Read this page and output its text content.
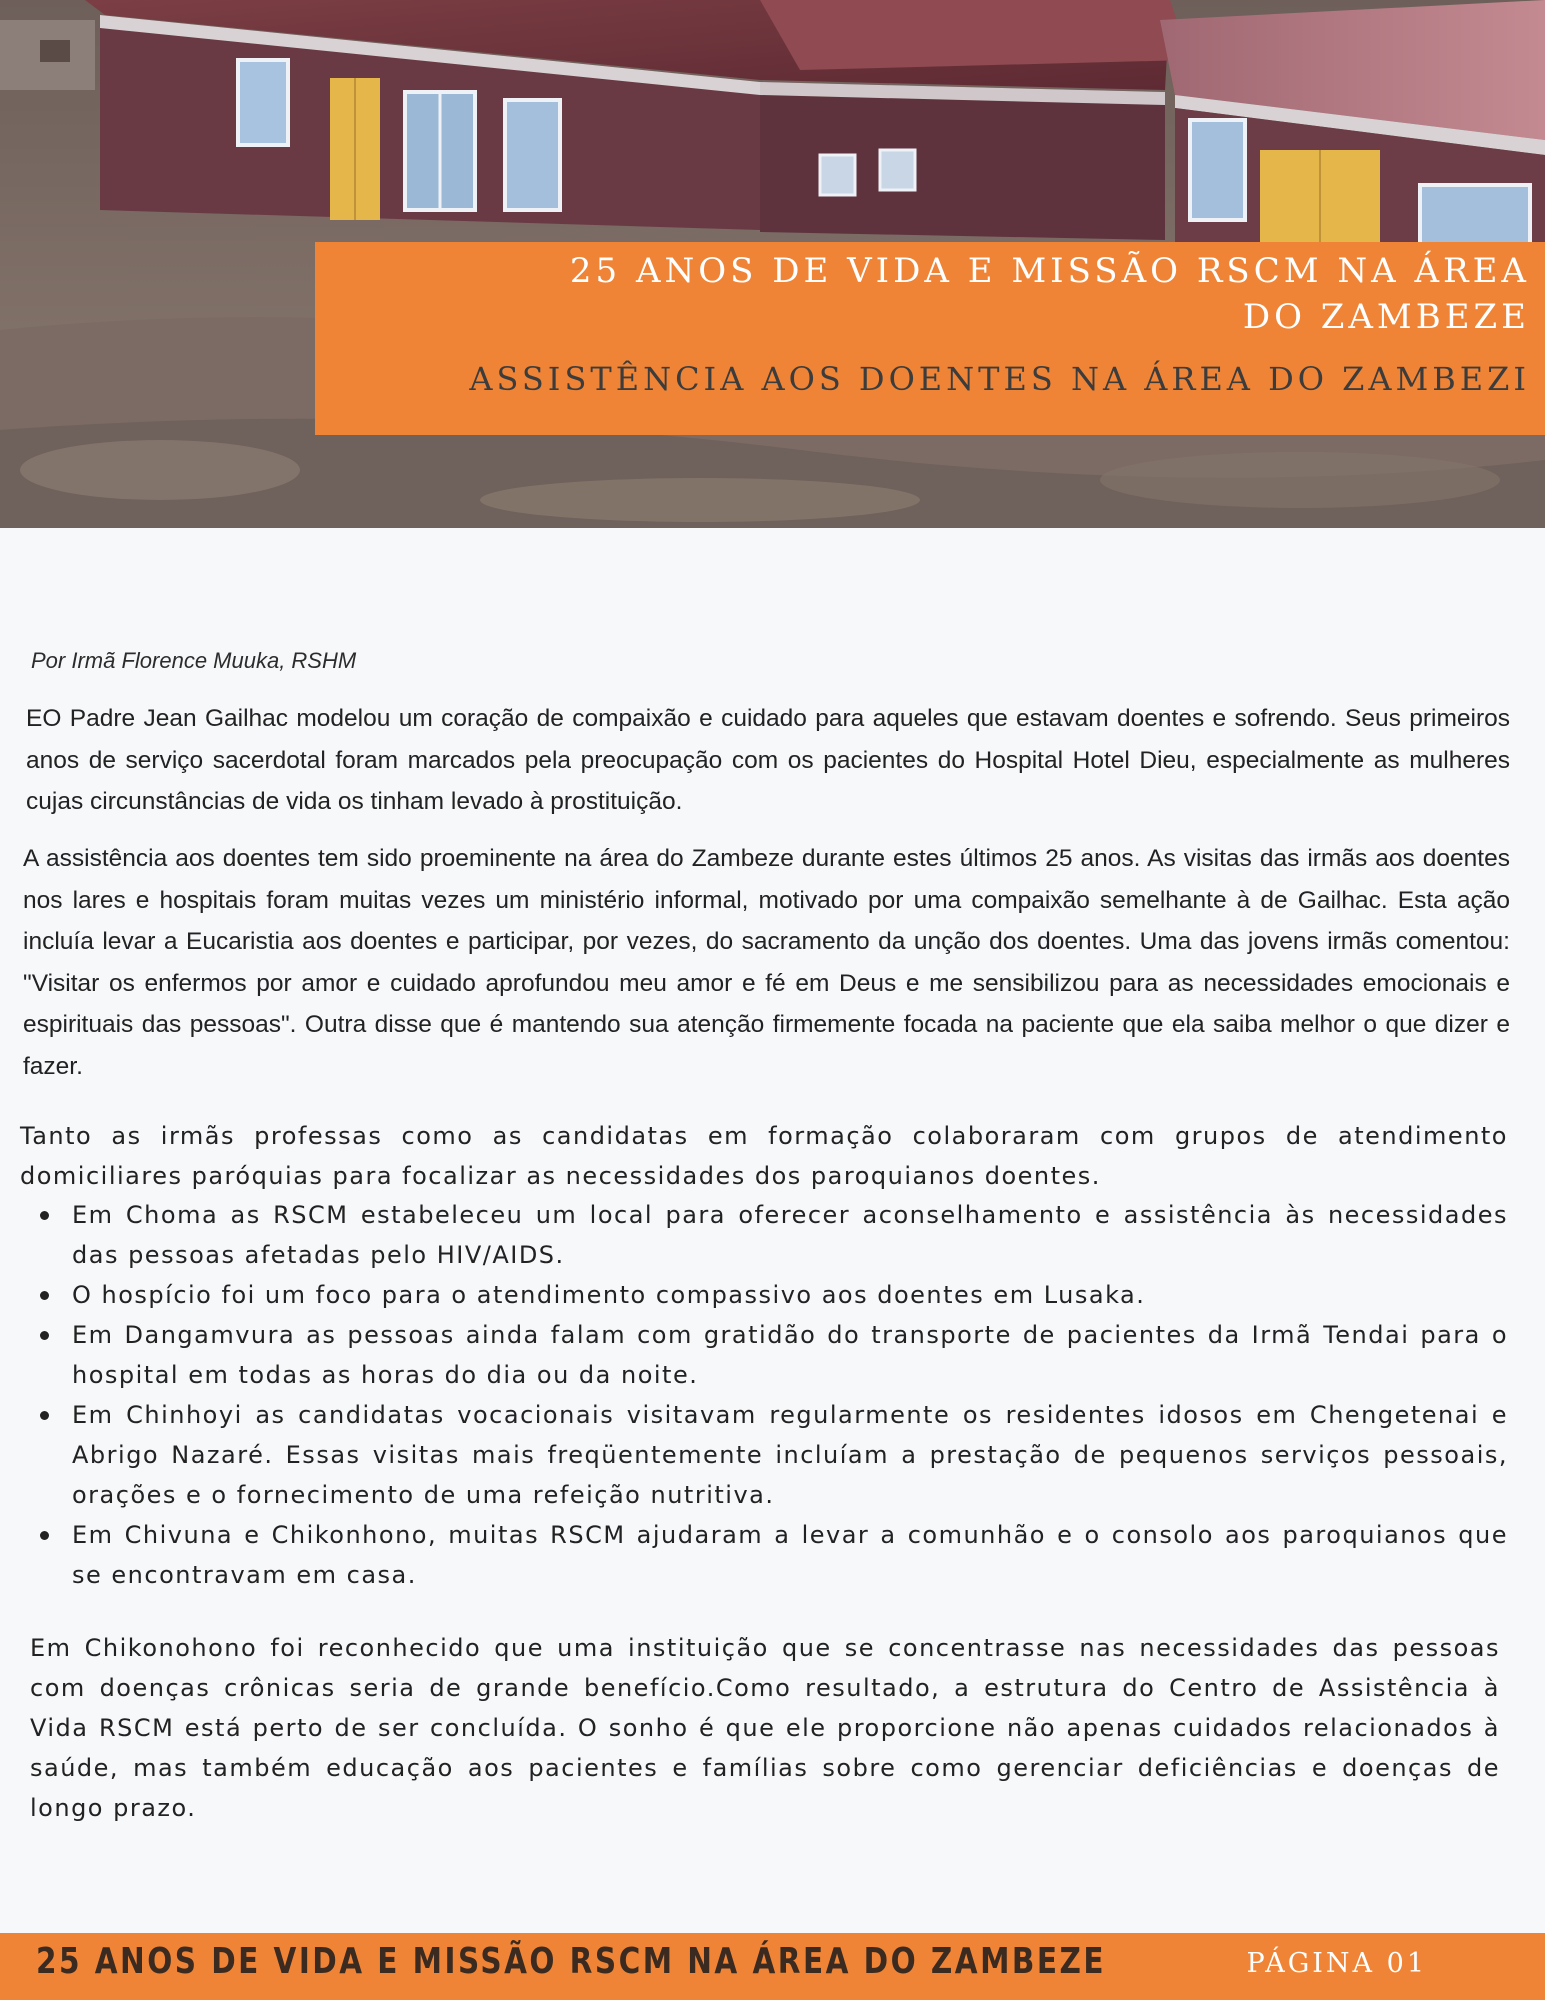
25 ANOS DE VIDA E MISSÃO RSCM NA ÁREA
DO ZAMBEZE
ASSISTÊNCIA AOS DOENTES NA ÁREA DO ZAMBEZI

Por Irmã Florence Muuka, RSHM

EO Padre Jean Gailhac modelou um coração de compaixão e cuidado para aqueles que estavam doentes e sofrendo. Seus primeiros anos de serviço sacerdotal foram marcados pela preocupação com os pacientes do Hospital Hotel Dieu, especialmente as mulheres cujas circunstâncias de vida os tinham levado à prostituição.

A assistência aos doentes tem sido proeminente na área do Zambeze durante estes últimos 25 anos. As visitas das irmãs aos doentes nos lares e hospitais foram muitas vezes um ministério informal, motivado por uma compaixão semelhante à de Gailhac. Esta ação incluía levar a Eucaristia aos doentes e participar, por vezes, do sacramento da unção dos doentes. Uma das jovens irmãs comentou: "Visitar os enfermos por amor e cuidado aprofundou meu amor e fé em Deus e me sensibilizou para as necessidades emocionais e espirituais das pessoas". Outra disse que é mantendo sua atenção firmemente focada na paciente que ela saiba melhor o que dizer e fazer.

Tanto as irmãs professas como as candidatas em formação colaboraram com grupos de atendimento domiciliares paróquias para focalizar as necessidades dos paroquianos doentes.

Em Choma as RSCM estabeleceu um local para oferecer aconselhamento e assistência às necessidades das pessoas afetadas pelo HIV/AIDS.
O hospício foi um foco para o atendimento compassivo aos doentes em Lusaka.
Em Dangamvura as pessoas ainda falam com gratidão do transporte de pacientes da Irmã Tendai para o hospital em todas as horas do dia ou da noite.
Em Chinhoyi as candidatas vocacionais visitavam regularmente os residentes idosos em Chengetenai e Abrigo Nazaré. Essas visitas mais freqüentemente incluíam a prestação de pequenos serviços pessoais, orações e o fornecimento de uma refeição nutritiva.
Em Chivuna e Chikonhono, muitas RSCM ajudaram a levar a comunhão e o consolo aos paroquianos que se encontravam em casa.

Em Chikonohono foi reconhecido que uma instituição que se concentrasse nas necessidades das pessoas com doenças crônicas seria de grande benefício.Como resultado, a estrutura do Centro de Assistência à Vida RSCM está perto de ser concluída. O sonho é que ele proporcione não apenas cuidados relacionados à saúde, mas também educação aos pacientes e famílias sobre como gerenciar deficiências e doenças de longo prazo.

25 ANOS DE VIDA E MISSÃO RSCM NA ÁREA DO ZAMBEZE	PÁGINA 01
